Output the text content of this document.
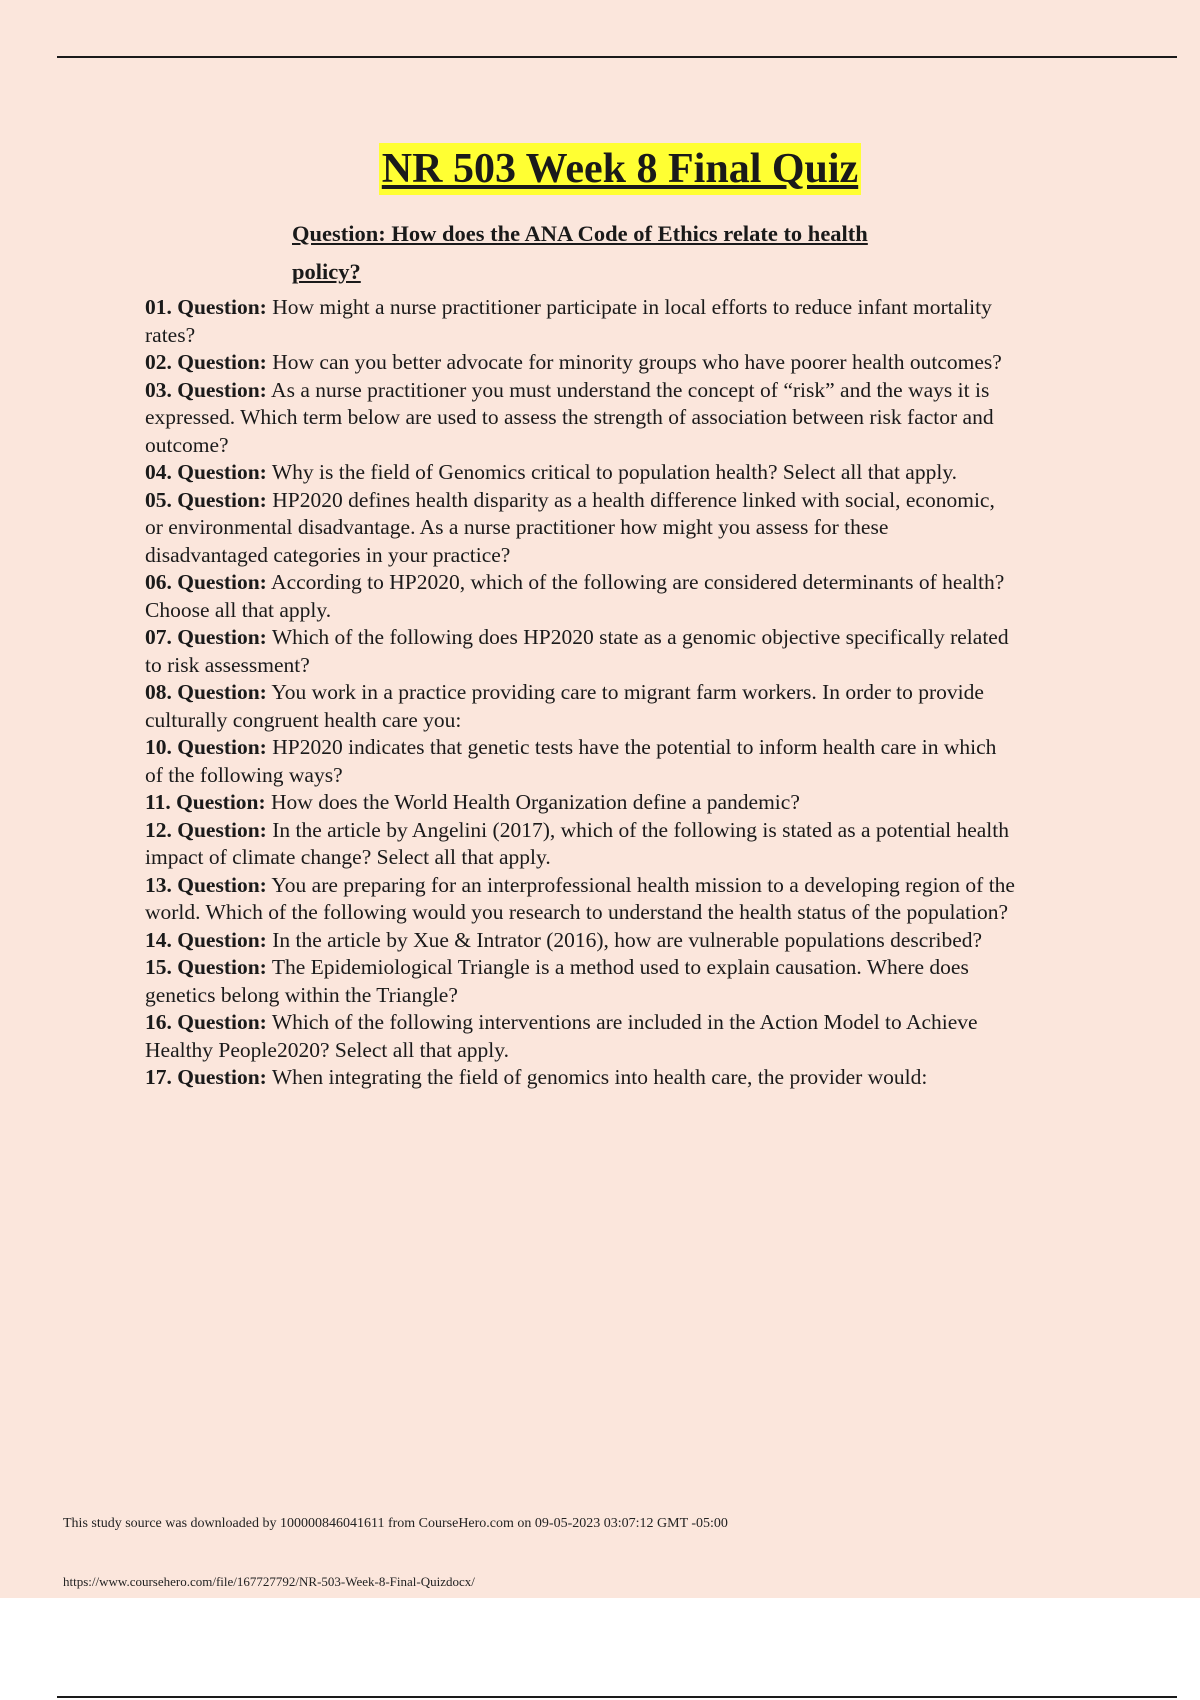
NR 503 Week 8 Final Quiz
Question: How does the ANA Code of Ethics relate to health policy?

01. Question: How might a nurse practitioner participate in local efforts to reduce infant mortality rates?

02. Question: How can you better advocate for minority groups who have poorer health outcomes?

03. Question: As a nurse practitioner you must understand the concept of “risk” and the ways it is expressed. Which term below are used to assess the strength of association between risk factor and outcome?

04. Question: Why is the field of Genomics critical to population health? Select all that apply.

05. Question: HP2020 defines health disparity as a health difference linked with social, economic, or environmental disadvantage. As a nurse practitioner how might you assess for these disadvantaged categories in your practice?

06. Question: According to HP2020, which of the following are considered determinants of health? Choose all that apply.

07. Question: Which of the following does HP2020 state as a genomic objective specifically related to risk assessment?

08. Question: You work in a practice providing care to migrant farm workers. In order to provide culturally congruent health care you:

10. Question: HP2020 indicates that genetic tests have the potential to inform health care in which of the following ways?

11. Question: How does the World Health Organization define a pandemic?

12. Question: In the article by Angelini (2017), which of the following is stated as a potential health impact of climate change? Select all that apply.

13. Question: You are preparing for an interprofessional health mission to a developing region of the world. Which of the following would you research to understand the health status of the population?

14. Question: In the article by Xue & Intrator (2016), how are vulnerable populations described?

15. Question: The Epidemiological Triangle is a method used to explain causation. Where does genetics belong within the Triangle?

16. Question: Which of the following interventions are included in the Action Model to Achieve Healthy People2020? Select all that apply.

17. Question: When integrating the field of genomics into health care, the provider would:

This study source was downloaded by 100000846041611 from CourseHero.com on 09-05-2023 03:07:12 GMT -05:00
https://www.coursehero.com/file/167727792/NR-503-Week-8-Final-Quizdocx/
